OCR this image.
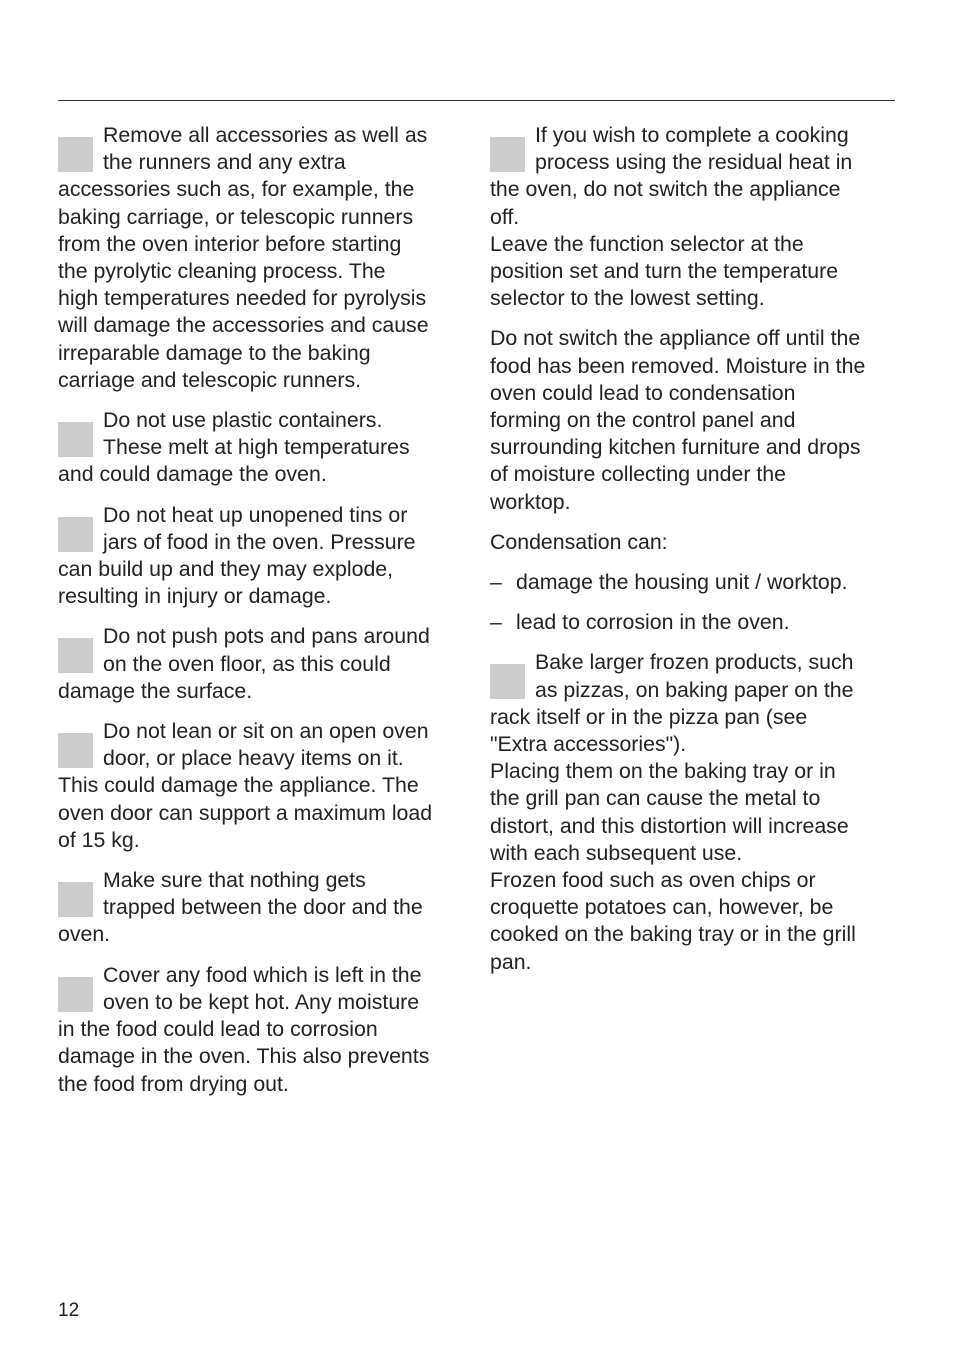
Remove all accessories as well as
the runners and any extra
accessories such as, for example, the
baking carriage, or telescopic runners
from the oven interior before starting
the pyrolytic cleaning process. The
high temperatures needed for pyrolysis
will damage the accessories and cause
irreparable damage to the baking
carriage and telescopic runners.
Do not use plastic containers.
These melt at high temperatures
and could damage the oven.
Do not heat up unopened tins or
jars of food in the oven. Pressure
can build up and they may explode,
resulting in injury or damage.
Do not push pots and pans around
on the oven floor, as this could
damage the surface.
Do not lean or sit on an open oven
door, or place heavy items on it.
This could damage the appliance. The
oven door can support a maximum load
of 15 kg.
Make sure that nothing gets
trapped between the door and the
oven.
Cover any food which is left in the
oven to be kept hot. Any moisture
in the food could lead to corrosion
damage in the oven. This also prevents
the food from drying out.
If you wish to complete a cooking
process using the residual heat in
the oven, do not switch the appliance
off.
Leave the function selector at the
position set and turn the temperature
selector to the lowest setting.
Do not switch the appliance off until the
food has been removed. Moisture in the
oven could lead to condensation
forming on the control panel and
surrounding kitchen furniture and drops
of moisture collecting under the
worktop.
Condensation can:
– damage the housing unit / worktop.
– lead to corrosion in the oven.
Bake larger frozen products, such
as pizzas, on baking paper on the
rack itself or in the pizza pan (see
"Extra accessories").
Placing them on the baking tray or in
the grill pan can cause the metal to
distort, and this distortion will increase
with each subsequent use.
Frozen food such as oven chips or
croquette potatoes can, however, be
cooked on the baking tray or in the grill
pan.
12
